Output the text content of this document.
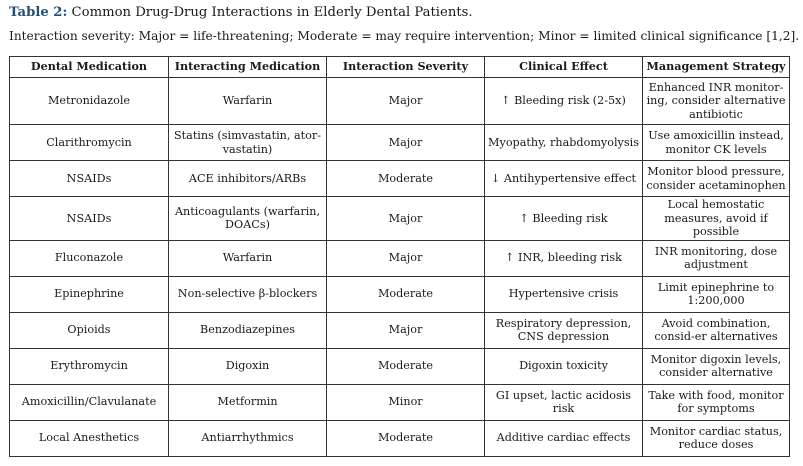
Table 2: Common Drug-Drug Interactions in Elderly Dental Patients.
Interaction severity: Major = life-threatening; Moderate = may require intervention; Minor = limited clinical significance [1,2].
Dental Medication	Interacting Medication	Interaction Severity	Clinical Effect	Management Strategy
Metronidazole	Warfarin	Major	↑ Bleeding risk (2-5x)	Enhanced INR monitor-ing, consider alternative antibiotic
Clarithromycin	Statins (simvastatin, ator-vastatin)	Major	Myopathy, rhabdomyolysis	Use amoxicillin instead, monitor CK levels
NSAIDs	ACE inhibitors/ARBs	Moderate	↓ Antihypertensive effect	Monitor blood pressure, consider acetaminophen
NSAIDs	Anticoagulants (warfarin, DOACs)	Major	↑ Bleeding risk	Local hemostatic measures, avoid if possible
Fluconazole	Warfarin	Major	↑ INR, bleeding risk	INR monitoring, dose adjustment
Epinephrine	Non-selective β-blockers	Moderate	Hypertensive crisis	Limit epinephrine to 1:200,000
Opioids	Benzodiazepines	Major	Respiratory depression, CNS depression	Avoid combination, consid-er alternatives
Erythromycin	Digoxin	Moderate	Digoxin toxicity	Monitor digoxin levels, consider alternative
Amoxicillin/Clavulanate	Metformin	Minor	GI upset, lactic acidosis risk	Take with food, monitor for symptoms
Local Anesthetics	Antiarrhythmics	Moderate	Additive cardiac effects	Monitor cardiac status, reduce doses
